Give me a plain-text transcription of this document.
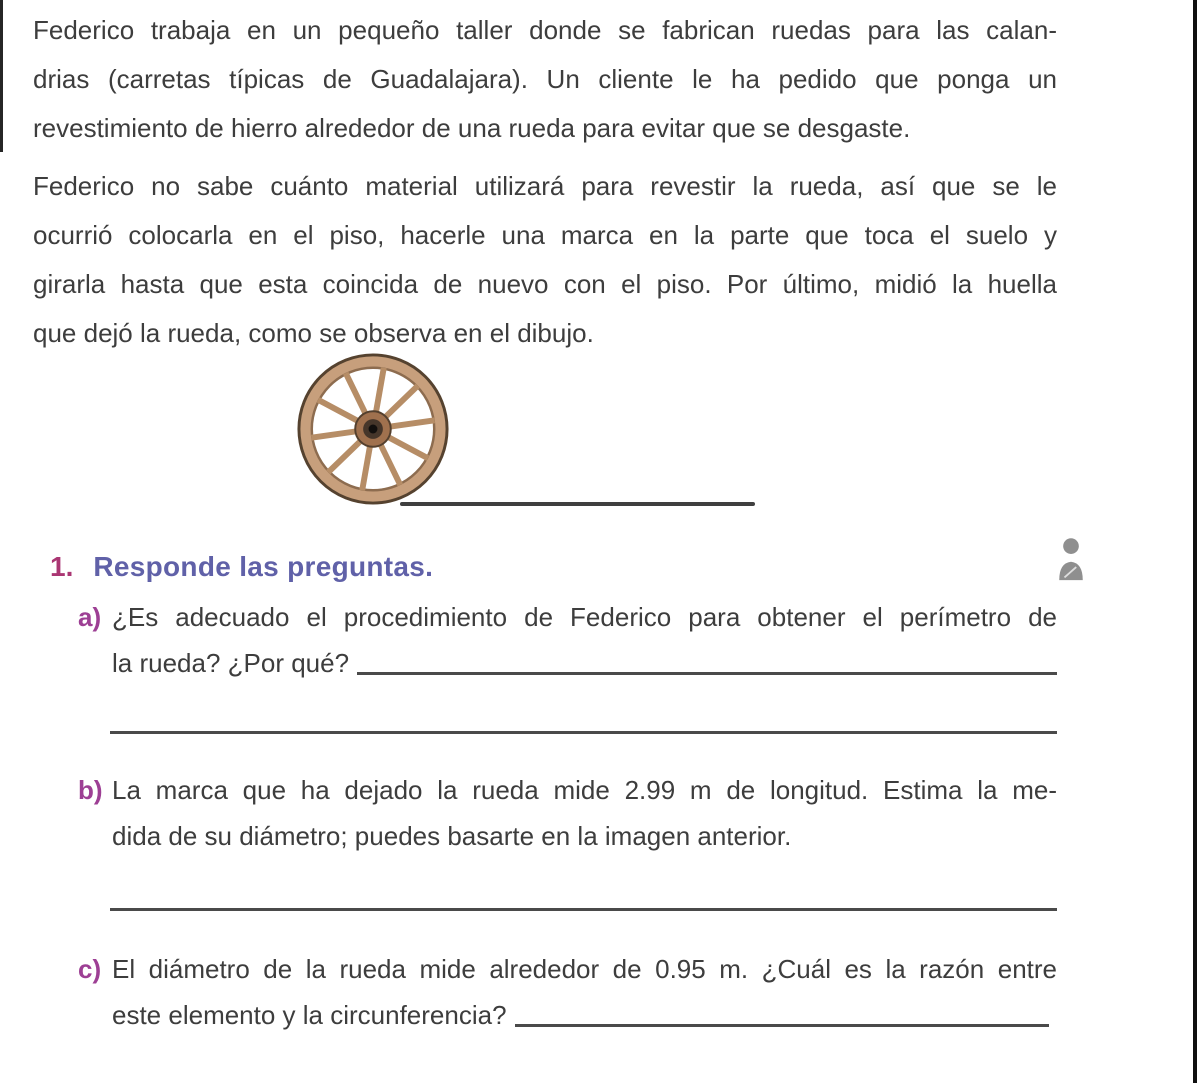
Federico trabaja en un pequeño taller donde se fabrican ruedas para las calan-
drias (carretas típicas de Guadalajara). Un cliente le ha pedido que ponga un
revestimiento de hierro alrededor de una rueda para evitar que se desgaste.
Federico no sabe cuánto material utilizará para revestir la rueda, así que se le
ocurrió colocarla en el piso, hacerle una marca en la parte que toca el suelo y
girarla hasta que esta coincida de nuevo con el piso. Por último, midió la huella
que dejó la rueda, como se observa en el dibujo.
1. Responde las preguntas.
a) ¿Es adecuado el procedimiento de Federico para obtener el perímetro de
la rueda? ¿Por qué?
b) La marca que ha dejado la rueda mide 2.99 m de longitud. Estima la me-
dida de su diámetro; puedes basarte en la imagen anterior.
c) El diámetro de la rueda mide alrededor de 0.95 m. ¿Cuál es la razón entre
este elemento y la circunferencia?
